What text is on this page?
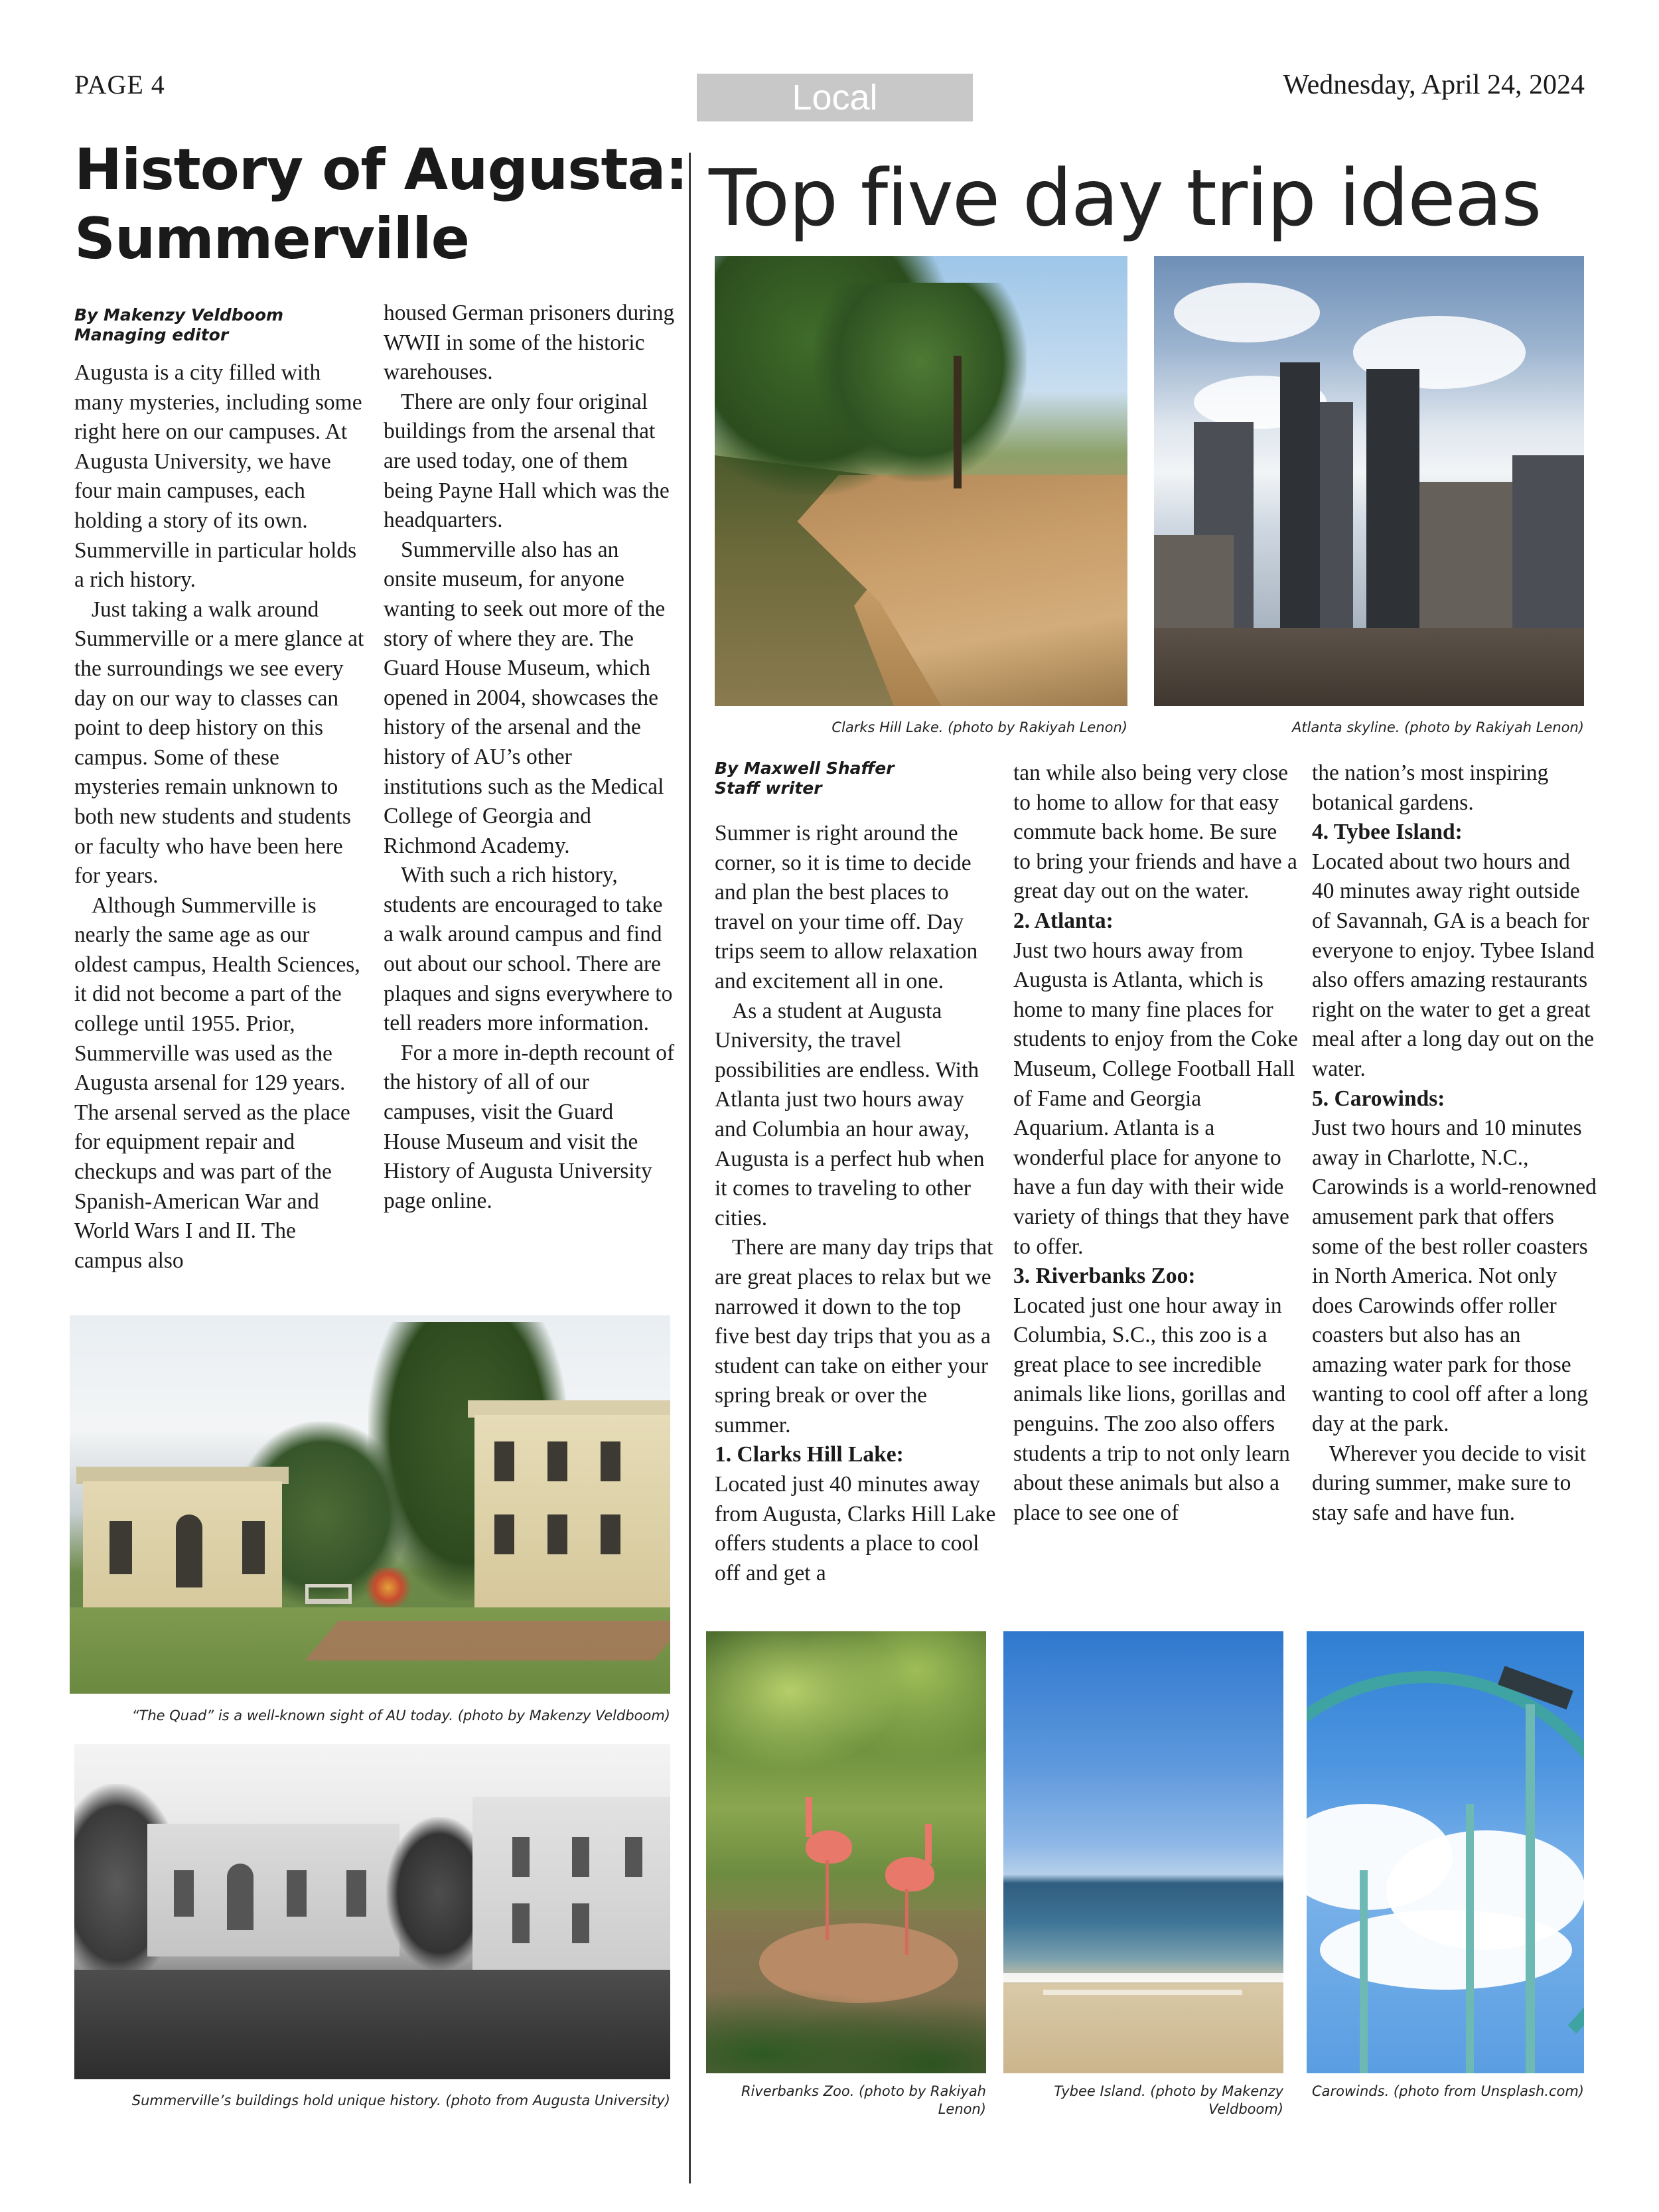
PAGE 4	Local	Wednesday, April 24, 2024
History of Augusta:
Summerville
By Makenzy Veldboom
Managing editor

Augusta is a city filled with many mysteries, including some right here on our campuses. At Augusta University, we have four main campuses, each holding a story of its own. Summerville in particular holds a rich history.

Just taking a walk around Summerville or a mere glance at the surroundings we see every day on our way to classes can point to deep history on this campus. Some of these mysteries remain unknown to both new students and students or faculty who have been here for years.

Although Summerville is nearly the same age as our oldest campus, Health Sciences, it did not become a part of the college until 1955. Prior, Summerville was used as the Augusta arsenal for 129 years. The arsenal served as the place for equipment repair and checkups and was part of the Spanish-American War and World Wars I and II. The campus also

housed German prisoners during WWII in some of the historic warehouses.

There are only four original buildings from the arsenal that are used today, one of them being Payne Hall which was the headquarters.

Summerville also has an onsite museum, for anyone wanting to seek out more of the story of where they are. The Guard House Museum, which opened in 2004, showcases the history of the arsenal and the history of AU’s other institutions such as the Medical College of Georgia and Richmond Academy.

With such a rich history, students are encouraged to take a walk around campus and find out about our school. There are plaques and signs everywhere to tell readers more information.

For a more in-depth recount of the history of all of our campuses, visit the Guard House Museum and visit the History of Augusta University page online.

“The Quad” is a well-known sight of AU today. (photo by Makenzy Veldboom)
Summerville’s buildings hold unique history. (photo from Augusta University)
Top five day trip ideas
Clarks Hill Lake. (photo by Rakiyah Lenon)	Atlanta skyline. (photo by Rakiyah Lenon)
By Maxwell Shaffer
Staff writer

Summer is right around the corner, so it is time to decide and plan the best places to travel on your time off. Day trips seem to allow relaxation and excitement all in one.

As a student at Augusta University, the travel possibilities are endless. With Atlanta just two hours away and Columbia an hour away, Augusta is a perfect hub when it comes to traveling to other cities.

There are many day trips that are great places to relax but we narrowed it down to the top five best day trips that you as a student can take on either your spring break or over the summer.

1. Clarks Hill Lake:

Located just 40 minutes away from Augusta, Clarks Hill Lake offers students a place to cool off and get a

tan while also being very close to home to allow for that easy commute back home. Be sure to bring your friends and have a great day out on the water.

2. Atlanta:

Just two hours away from Augusta is Atlanta, which is home to many fine places for students to enjoy from the Coke Museum, College Football Hall of Fame and Georgia Aquarium. Atlanta is a wonderful place for anyone to have a fun day with their wide variety of things that they have to offer.

3. Riverbanks Zoo:

Located just one hour away in Columbia, S.C., this zoo is a great place to see incredible animals like lions, gorillas and penguins. The zoo also offers students a trip to not only learn about these animals but also a place to see one of

the nation’s most inspiring botanical gardens.

4. Tybee Island:

Located about two hours and 40 minutes away right outside of Savannah, GA is a beach for everyone to enjoy. Tybee Island also offers amazing restaurants right on the water to get a great meal after a long day out on the water.

5. Carowinds:

Just two hours and 10 minutes away in Charlotte, N.C., Carowinds is a world-renowned amusement park that offers some of the best roller coasters in North America. Not only does Carowinds offer roller coasters but also has an amazing water park for those wanting to cool off after a long day at the park.

Wherever you decide to visit during summer, make sure to stay safe and have fun.

Riverbanks Zoo. (photo by Rakiyah Lenon)
Tybee Island. (photo by Makenzy Veldboom)
Carowinds. (photo from Unsplash.com)
